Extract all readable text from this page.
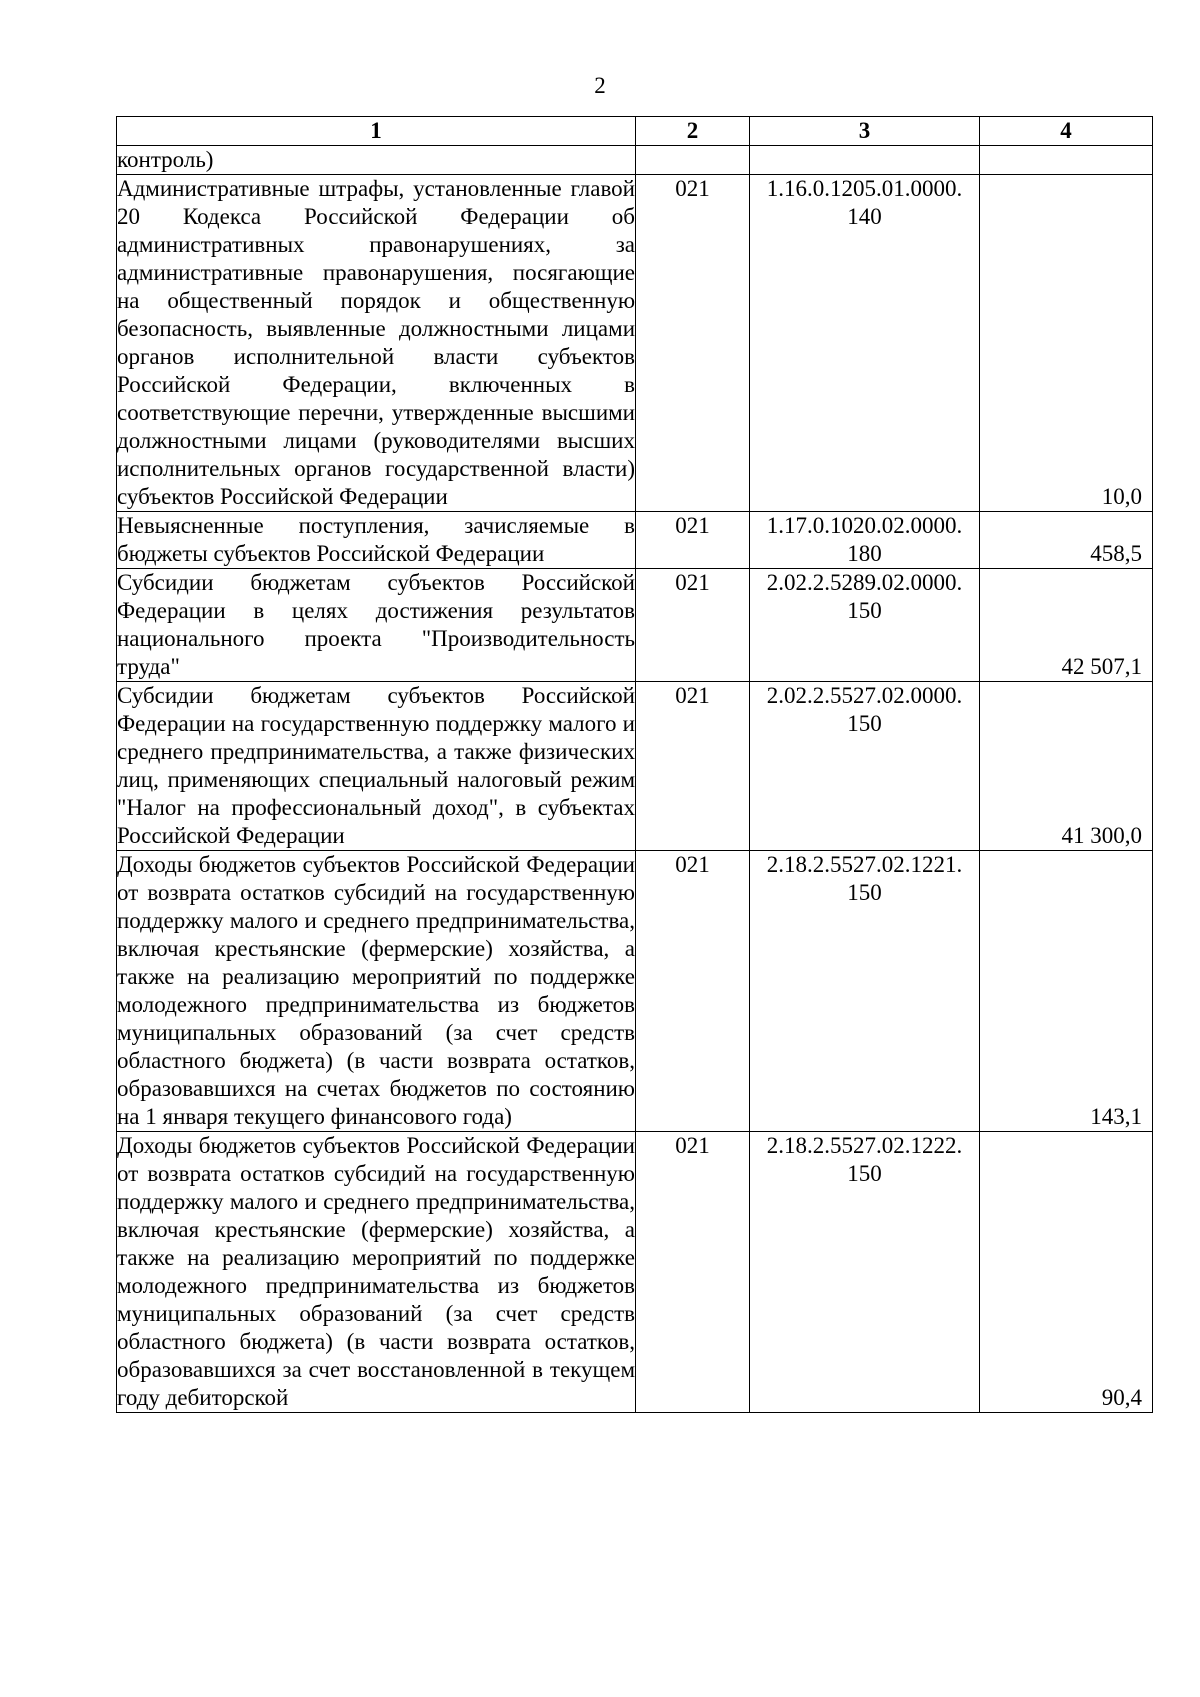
2
1	2	3	4
контроль)		

Административные штрафы, установленные главой 20 Кодекса Российской Федерации об административных правонарушениях, за административные правонарушения, посягающие на общественный порядок и общественную безопасность, выявленные должностными лицами органов исполнительной власти субъектов Российской Федерации, включенных в соответствующие перечни, утвержденные высшими должностными лицами (руководителями высших исполнительных органов государственной власти) субъектов Российской Федерации	021	1.16.0.1205.01.0000.
140	10,0

Невыясненные поступления, зачисляемые в бюджеты субъектов Российской Федерации	021	1.17.0.1020.02.0000.
180	458,5

Субсидии бюджетам субъектов Российской Федерации в целях достижения результатов национального проекта "Производительность труда"	021	2.02.2.5289.02.0000.
150	42 507,1

Субсидии бюджетам субъектов Российской Федерации на государственную поддержку малого и среднего предпринимательства, а также физических лиц, применяющих специальный налоговый режим "Налог на профессиональный доход", в субъектах Российской Федерации	021	2.02.2.5527.02.0000.
150	41 300,0

Доходы бюджетов субъектов Российской Федерации от возврата остатков субсидий на государственную поддержку малого и среднего предпринимательства, включая крестьянские (фермерские) хозяйства, а также на реализацию мероприятий по поддержке молодежного предпринимательства из бюджетов муниципальных образований (за счет средств областного бюджета) (в части возврата остатков, образовавшихся на счетах бюджетов по состоянию на 1 января текущего финансового года)	021	2.18.2.5527.02.1221.
150	143,1

Доходы бюджетов субъектов Российской Федерации от возврата остатков субсидий на государственную поддержку малого и среднего предпринимательства, включая крестьянские (фермерские) хозяйства, а также на реализацию мероприятий по поддержке молодежного предпринимательства из бюджетов муниципальных образований (за счет средств областного бюджета) (в части возврата остатков, образовавшихся за счет восстановленной в текущем году дебиторской	021	2.18.2.5527.02.1222.
150	90,4
